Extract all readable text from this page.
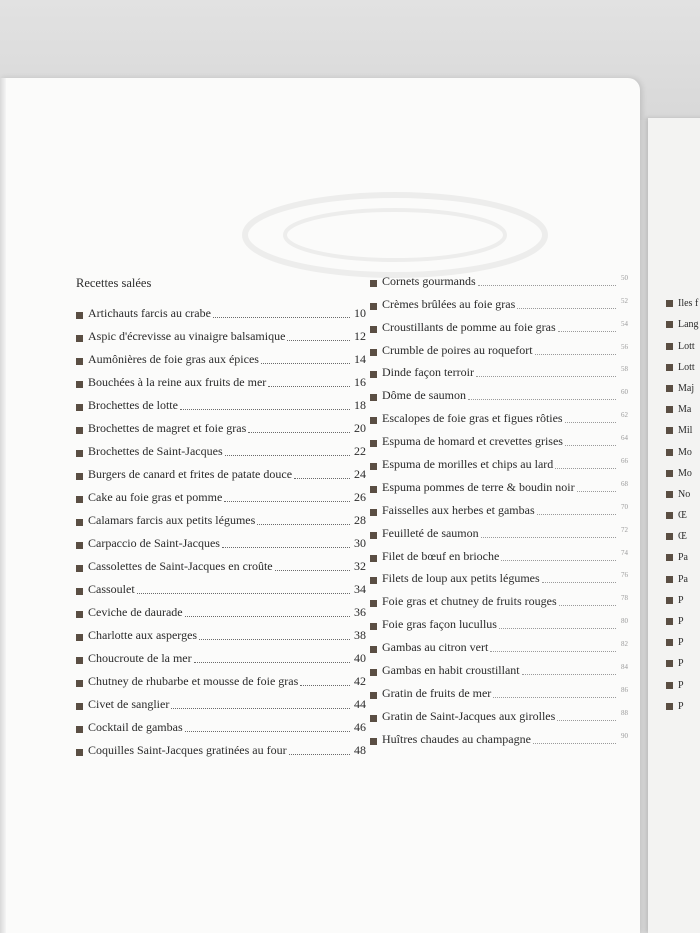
Recettes salées
Artichauts farcis au crabe	10
Aspic d'écrevisse au vinaigre balsamique	12
Aumônières de foie gras aux épices	14
Bouchées à la reine aux fruits de mer	16
Brochettes de lotte	18
Brochettes de magret et foie gras	20
Brochettes de Saint-Jacques	22
Burgers de canard et frites de patate douce	24
Cake au foie gras et pomme	26
Calamars farcis aux petits légumes	28
Carpaccio de Saint-Jacques	30
Cassolettes de Saint-Jacques en croûte	32
Cassoulet	34
Ceviche de daurade	36
Charlotte aux asperges	38
Choucroute de la mer	40
Chutney de rhubarbe et mousse de foie gras	42
Civet de sanglier	44
Cocktail de gambas	46
Coquilles Saint-Jacques gratinées au four	48
Cornets gourmands	50
Crèmes brûlées au foie gras	52
Croustillants de pomme au foie gras	54
Crumble de poires au roquefort	56
Dinde façon terroir	58
Dôme de saumon	60
Escalopes de foie gras et figues rôties	62
Espuma de homard et crevettes grises	64
Espuma de morilles et chips au lard	66
Espuma pommes de terre & boudin noir	68
Faisselles aux herbes et gambas	70
Feuilleté de saumon	72
Filet de bœuf en brioche	74
Filets de loup aux petits légumes	76
Foie gras et chutney de fruits rouges	78
Foie gras façon lucullus	80
Gambas au citron vert	82
Gambas en habit croustillant	84
Gratin de fruits de mer	86
Gratin de Saint-Jacques aux girolles	88
Huîtres chaudes au champagne	90
Iles f
Lang
Lott
Lott
Maj
Ma
Mil
Mo
Mo
No
Œ
Œ
Pa
Pa
P
P
P
P
P
P
